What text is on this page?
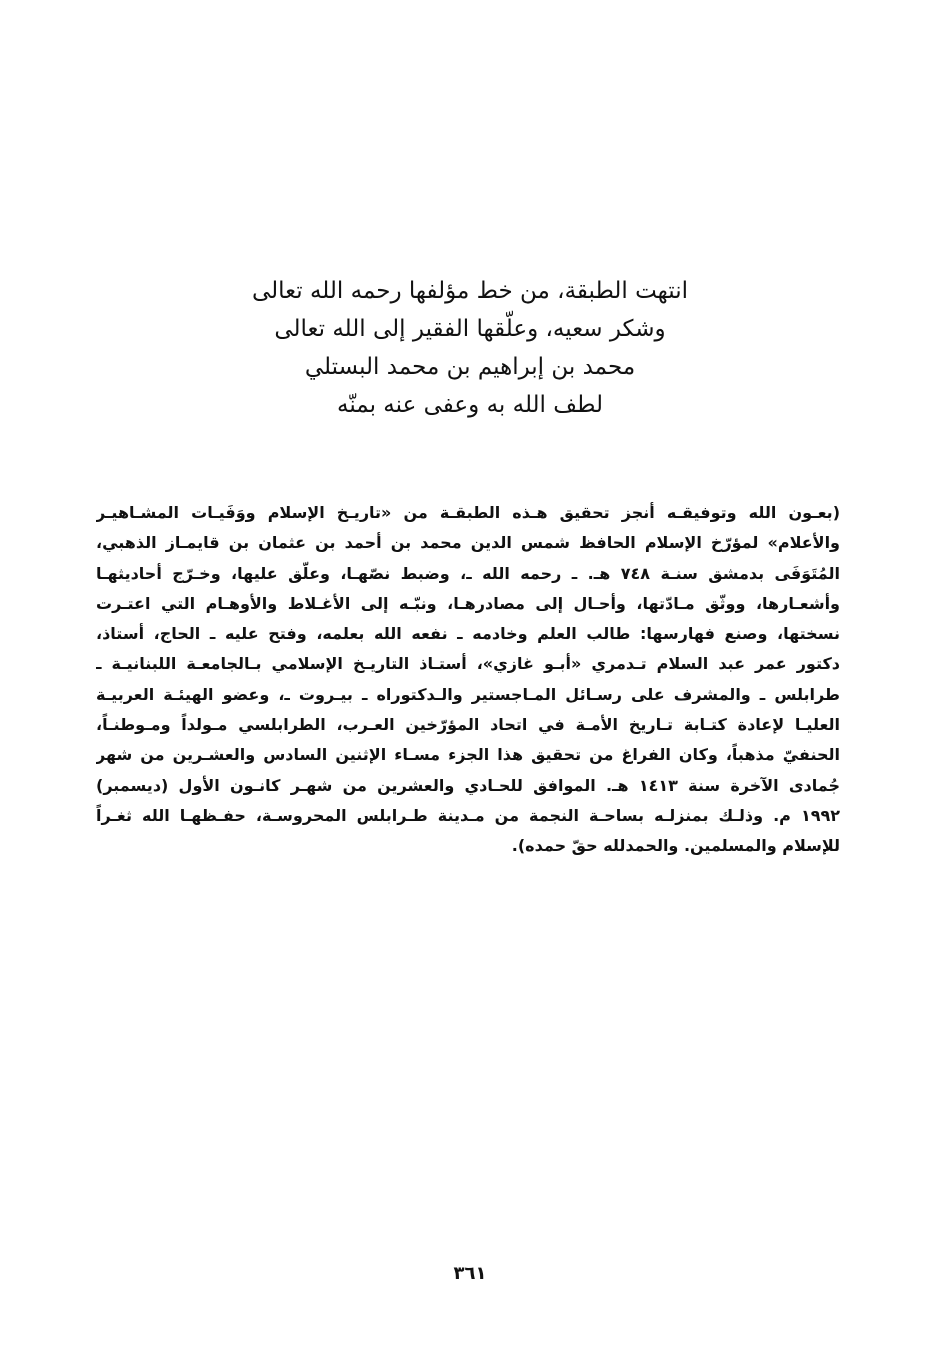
انتهت الطبقة، من خط مؤلفها رحمه الله تعالى
وشكر سعيه، وعلّقها الفقير إلى الله تعالى
محمد بن إبراهيم بن محمد البستلي
لطف الله به وعفى عنه بمنّه
(بعـون الله وتوفيقـه أنجز تحقيق هـذه الطبقـة من «تاريـخ الإسلام ووَفَيـات المشـاهيـر
والأعلام» لمؤرّخ الإسلام الحافظ شمس الدين محمد بن أحمد بن عثمان بن قايمـاز الذهبي،
المُتَوَفَى بدمشق سنـة ٧٤٨ هـ. ـ رحمه الله ـ، وضبط نصّهـا، وعلّق عليها، وخـرّج أحاديثهـا
وأشعـارها، ووثّق مـادّتها، وأحـال إلى مصادرهـا، ونبّـه إلى الأغـلاط والأوهـام التي اعتـرت
نسختها، وصنع فهارسها: طالب العلم وخادمه ـ نفعه الله بعلمه، وفتح عليه ـ الحاج، أستاذ،
دكتور عمر عبد السلام تـدمري «أبـو غازي»، أستـاذ التاريـخ الإسلامي بـالجامعـة اللبنانيـة ـ
طرابلس ـ والمشرف على رسـائل المـاجستير والـدكتوراه ـ بيـروت ـ، وعضو الهيئـة العربيـة
العليـا لإعادة كتـابة تـاريخ الأمـة في اتحاد المؤرّخين العـرب، الطرابلسي مـولداً ومـوطنـاً،
الحنفيّ مذهباً، وكان الفراغ من تحقيق هذا الجزء مسـاء الإثنين السادس والعشـرين من شهر
جُمادى الآخرة سنة ١٤١٣ هـ. الموافق للحـادي والعشرين من شهـر كانـون الأول (ديسمبر)
١٩٩٢ م. وذلـك بمنزلـه بساحـة النجمة من مـدينة طـرابلس المحروسـة، حفـظهـا الله ثغـراً
للإسلام والمسلمين. والحمدلله حقّ حمده).
٣٦١
